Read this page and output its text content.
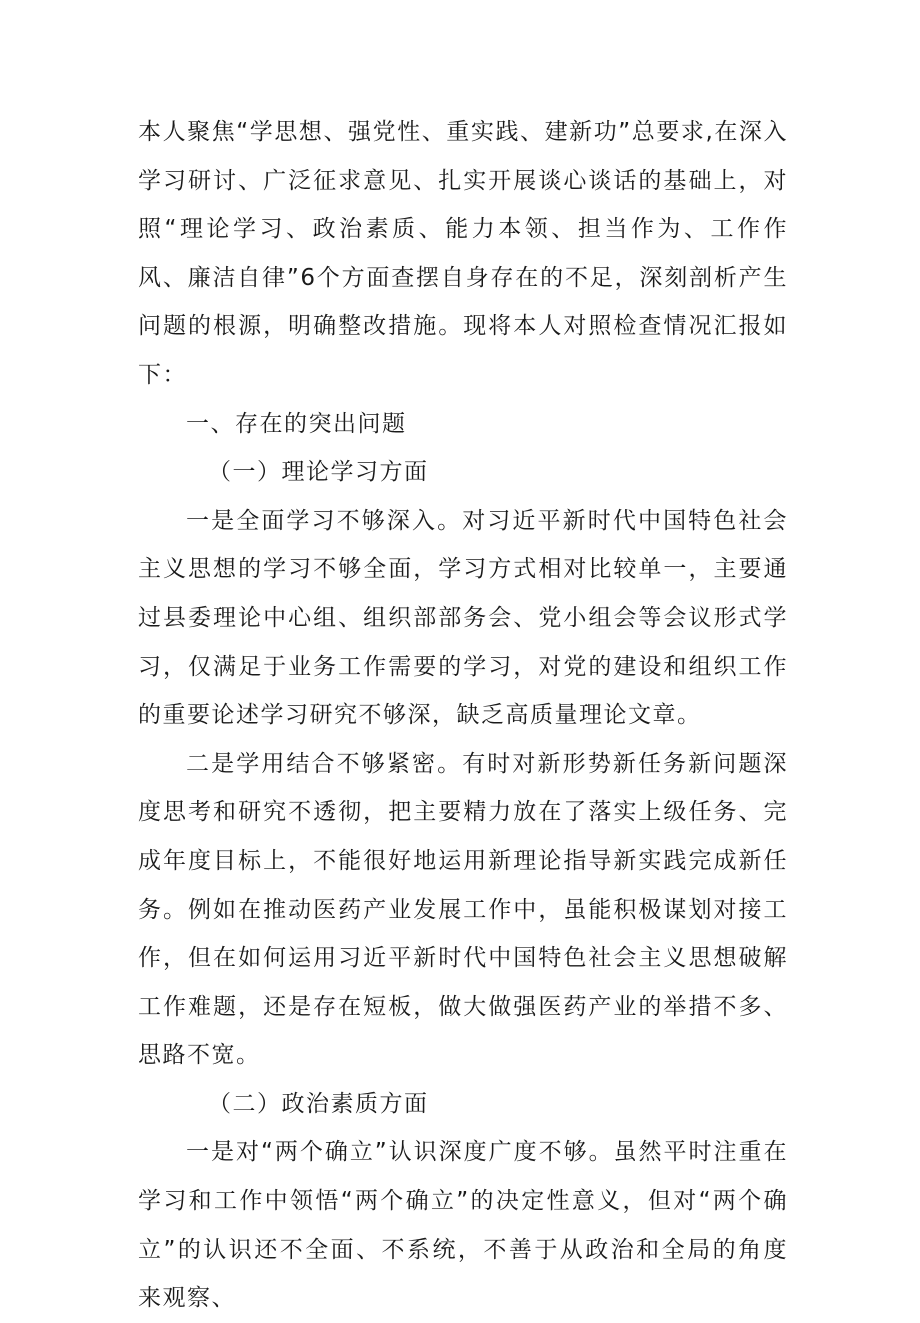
本人聚焦“学思想、强党性、重实践、建新功”总要求,在深入学习研讨、广泛征求意见、扎实开展谈心谈话的基础上，对照“理论学习、政治素质、能力本领、担当作为、工作作风、廉洁自律”6个方面查摆自身存在的不足，深刻剖析产生问题的根源，明确整改措施。现将本人对照检查情况汇报如下：

一、存在的突出问题

（一）理论学习方面

一是全面学习不够深入。对习近平新时代中国特色社会主义思想的学习不够全面，学习方式相对比较单一，主要通过县委理论中心组、组织部部务会、党小组会等会议形式学习，仅满足于业务工作需要的学习，对党的建设和组织工作的重要论述学习研究不够深，缺乏高质量理论文章。

二是学用结合不够紧密。有时对新形势新任务新问题深度思考和研究不透彻，把主要精力放在了落实上级任务、完成年度目标上，不能很好地运用新理论指导新实践完成新任务。例如在推动医药产业发展工作中，虽能积极谋划对接工作，但在如何运用习近平新时代中国特色社会主义思想破解工作难题，还是存在短板，做大做强医药产业的举措不多、思路不宽。

（二）政治素质方面

一是对“两个确立”认识深度广度不够。虽然平时注重在学习和工作中领悟“两个确立”的决定性意义，但对“两个确立”的认识还不全面、不系统，不善于从政治和全局的角度来观察、
